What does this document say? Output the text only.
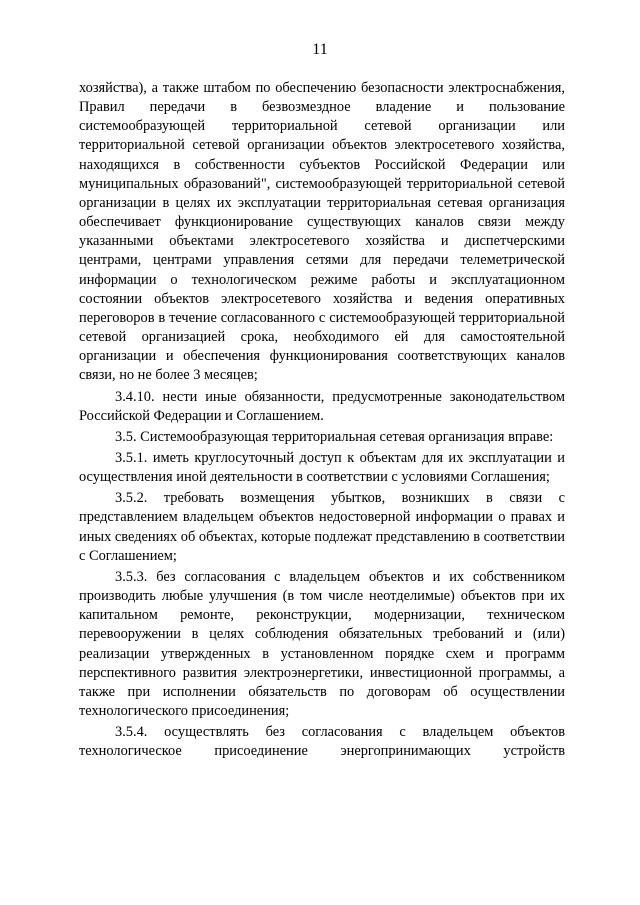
11

хозяйства), а также штабом по обеспечению безопасности электроснабжения, Правил передачи в безвозмездное владение и пользование системообразующей территориальной сетевой организации или территориальной сетевой организации объектов электросетевого хозяйства, находящихся в собственности субъектов Российской Федерации или муниципальных образований", системообразующей территориальной сетевой организации в целях их эксплуатации территориальная сетевая организация обеспечивает функционирование существующих каналов связи между указанными объектами электросетевого хозяйства и диспетчерскими центрами, центрами управления сетями для передачи телеметрической информации о технологическом режиме работы и эксплуатационном состоянии объектов электросетевого хозяйства и ведения оперативных переговоров в течение согласованного с системообразующей территориальной сетевой организацией срока, необходимого ей для самостоятельной организации и обеспечения функционирования соответствующих каналов связи, но не более 3 месяцев;

3.4.10. нести иные обязанности, предусмотренные законодательством Российской Федерации и Соглашением.

3.5. Системообразующая территориальная сетевая организация вправе:

3.5.1. иметь круглосуточный доступ к объектам для их эксплуатации и осуществления иной деятельности в соответствии с условиями Соглашения;

3.5.2. требовать возмещения убытков, возникших в связи с представлением владельцем объектов недостоверной информации о правах и иных сведениях об объектах, которые подлежат представлению в соответствии с Соглашением;

3.5.3. без согласования с владельцем объектов и их собственником производить любые улучшения (в том числе неотделимые) объектов при их капитальном ремонте, реконструкции, модернизации, техническом перевооружении в целях соблюдения обязательных требований и (или) реализации утвержденных в установленном порядке схем и программ перспективного развития электроэнергетики, инвестиционной программы, а также при исполнении обязательств по договорам об осуществлении технологического присоединения;

3.5.4. осуществлять без согласования с владельцем объектов технологическое присоединение энергопринимающих устройств
